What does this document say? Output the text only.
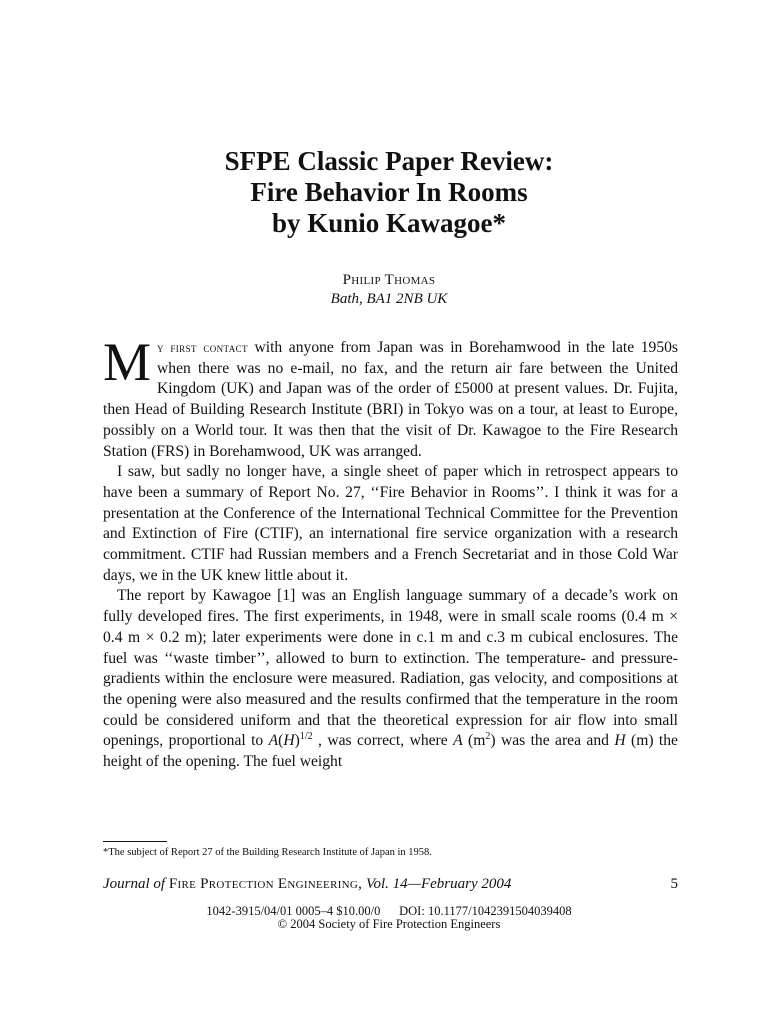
SFPE Classic Paper Review:
Fire Behavior In Rooms
by Kunio Kawagoe*
Philip Thomas
Bath, BA1 2NB UK

My first contact with anyone from Japan was in Borehamwood in the late 1950s when there was no e-mail, no fax, and the return air fare between the United Kingdom (UK) and Japan was of the order of £5000 at present values. Dr. Fujita, then Head of Building Research Institute (BRI) in Tokyo was on a tour, at least to Europe, possibly on a World tour. It was then that the visit of Dr. Kawagoe to the Fire Research Station (FRS) in Borehamwood, UK was arranged.

I saw, but sadly no longer have, a single sheet of paper which in retrospect appears to have been a summary of Report No. 27, ‘‘Fire Behavior in Rooms’’. I think it was for a presentation at the Conference of the International Technical Committee for the Prevention and Extinction of Fire (CTIF), an international fire service organization with a research commitment. CTIF had Russian members and a French Secretariat and in those Cold War days, we in the UK knew little about it.

The report by Kawagoe [1] was an English language summary of a decade’s work on fully developed fires. The first experiments, in 1948, were in small scale rooms (0.4 m × 0.4 m × 0.2 m); later experiments were done in c.1 m and c.3 m cubical enclosures. The fuel was ‘‘waste timber’’, allowed to burn to extinction. The temperature- and pressure-gradients within the enclosure were measured. Radiation, gas velocity, and compositions at the opening were also measured and the results confirmed that the temperature in the room could be considered uniform and that the theoretical expression for air flow into small openings, proportional to $A(H)^{1/2}$ , was correct, where A $(m^2)$ was the area and H (m) the height of the opening. The fuel weight

*The subject of Report 27 of the Building Research Institute of Japan in 1958.
Journal of Fire Protection Engineering, Vol. 14—February 2004	5
1042-3915/04/01 0005–4 $10.00/0      DOI: 10.1177/1042391504039408
© 2004 Society of Fire Protection Engineers
